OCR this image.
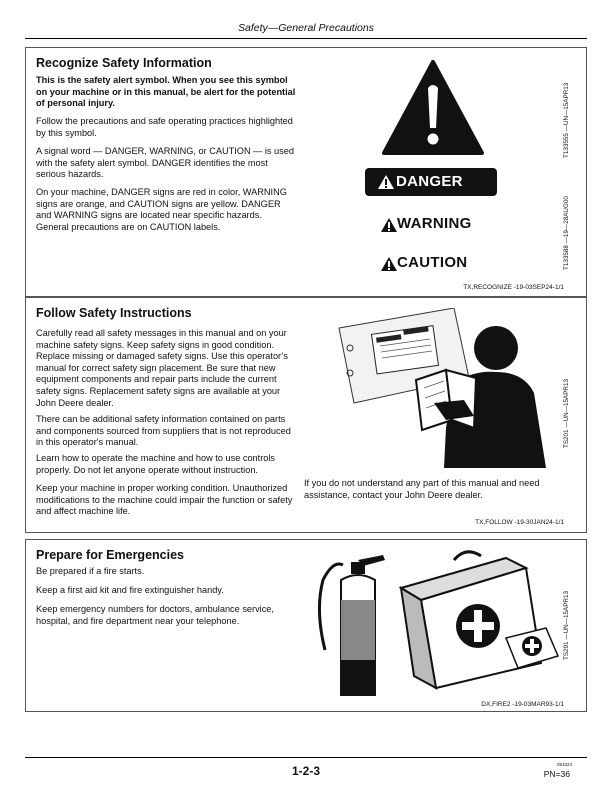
Safety—General Precautions
Recognize Safety Information

This is the safety alert symbol. When you see this symbol on your machine or in this manual, be alert for the potential of personal injury.

Follow the precautions and safe operating practices highlighted by this symbol.

A signal word — DANGER, WARNING, or CAUTION — is used with the safety alert symbol. DANGER identifies the most serious hazards.

On your machine, DANGER signs are red in color, WARNING signs are orange, and CAUTION signs are yellow. DANGER and WARNING signs are located near specific hazards. General precautions are on CAUTION labels.

DANGER
WARNING
CAUTION
T133555 —UN—15APR13
T133588 —19—28AUG00
TX,RECOGNIZE -19-03SEP24-1/1
Follow Safety Instructions

Carefully read all safety messages in this manual and on your machine safety signs. Keep safety signs in good condition. Replace missing or damaged safety signs. Use this operator’s manual for correct safety sign placement. Be sure that new equipment components and repair parts include the current safety signs. Replacement safety signs are available at your John Deere dealer.

There can be additional safety information contained on parts and components sourced from suppliers that is not reproduced in this operator's manual.

Learn how to operate the machine and how to use controls properly. Do not let anyone operate without instruction.

Keep your machine in proper working condition. Unauthorized modifications to the machine could impair the function or safety and affect machine life.

If you do not understand any part of this manual and need assistance, contact your John Deere dealer.

TS201 —UN—15APR13
TX,FOLLOW -19-30JAN24-1/1
Prepare for Emergencies

Be prepared if a fire starts.

Keep a first aid kit and fire extinguisher handy.

Keep emergency numbers for doctors, ambulance service, hospital, and fire department near your telephone.	TS291 —UN—15APR13
DX,FIRE2 -19-03MAR93-1/1
1-2-3	091024
PN=36
